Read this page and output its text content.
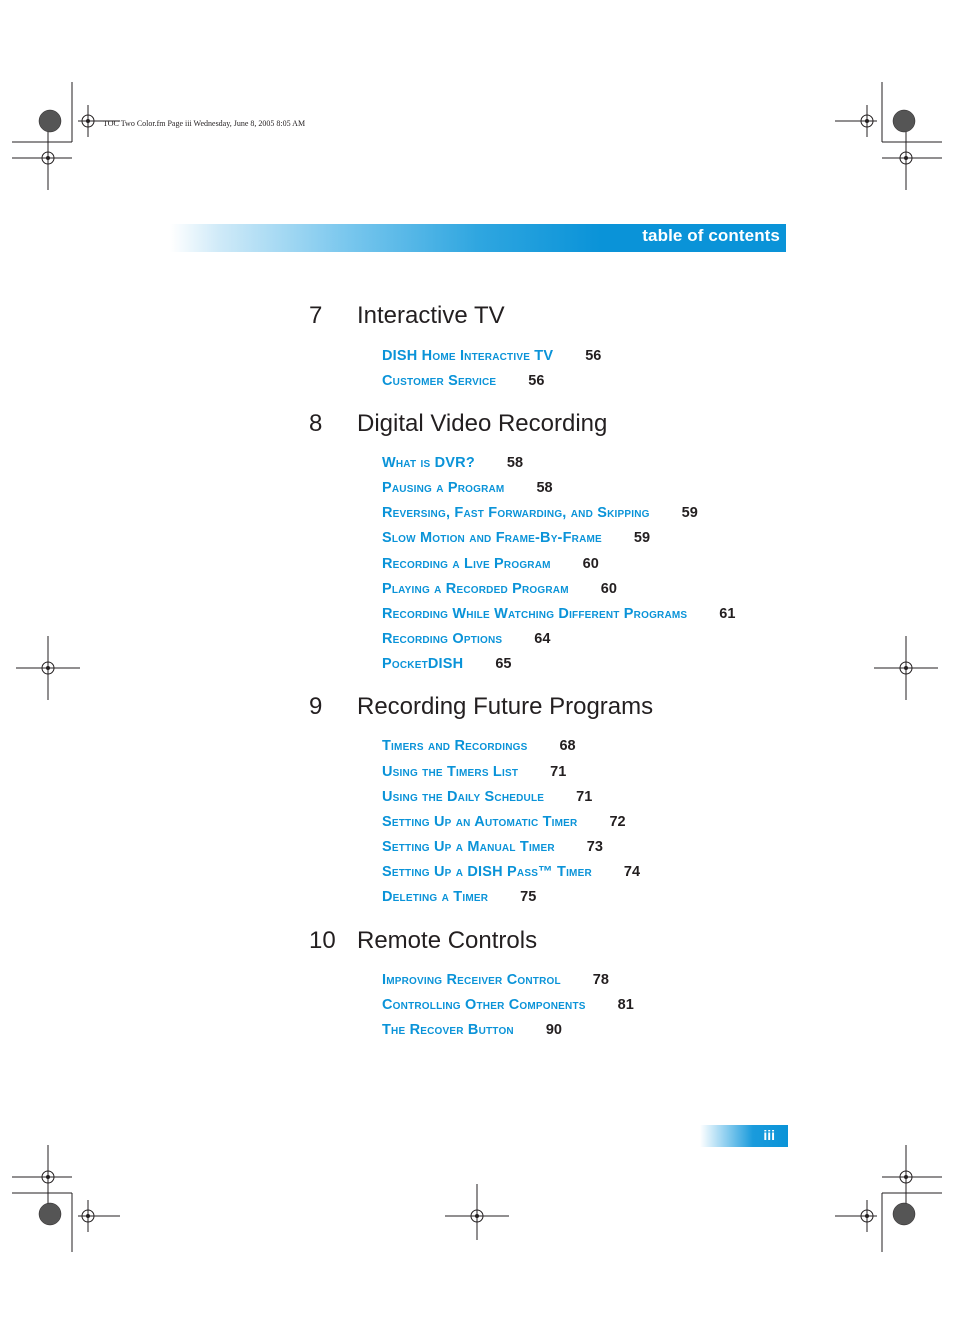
TOC Two Color.fm Page iii Wednesday, June 8, 2005 8:05 AM
table of contents
7 Interactive TV
DISH Home Interactive TV 56
Customer Service 56
8 Digital Video Recording
What is DVR? 58
Pausing a Program 58
Reversing, Fast Forwarding, and Skipping 59
Slow Motion and Frame-By-Frame 59
Recording a Live Program 60
Playing a Recorded Program 60
Recording While Watching Different Programs 61
Recording Options 64
PocketDISH 65
9 Recording Future Programs
Timers and Recordings 68
Using the Timers List 71
Using the Daily Schedule 71
Setting Up an Automatic Timer 72
Setting Up a Manual Timer 73
Setting Up a DISH Pass™ Timer 74
Deleting a Timer 75
10 Remote Controls
Improving Receiver Control 78
Controlling Other Components 81
The Recover Button 90
iii
